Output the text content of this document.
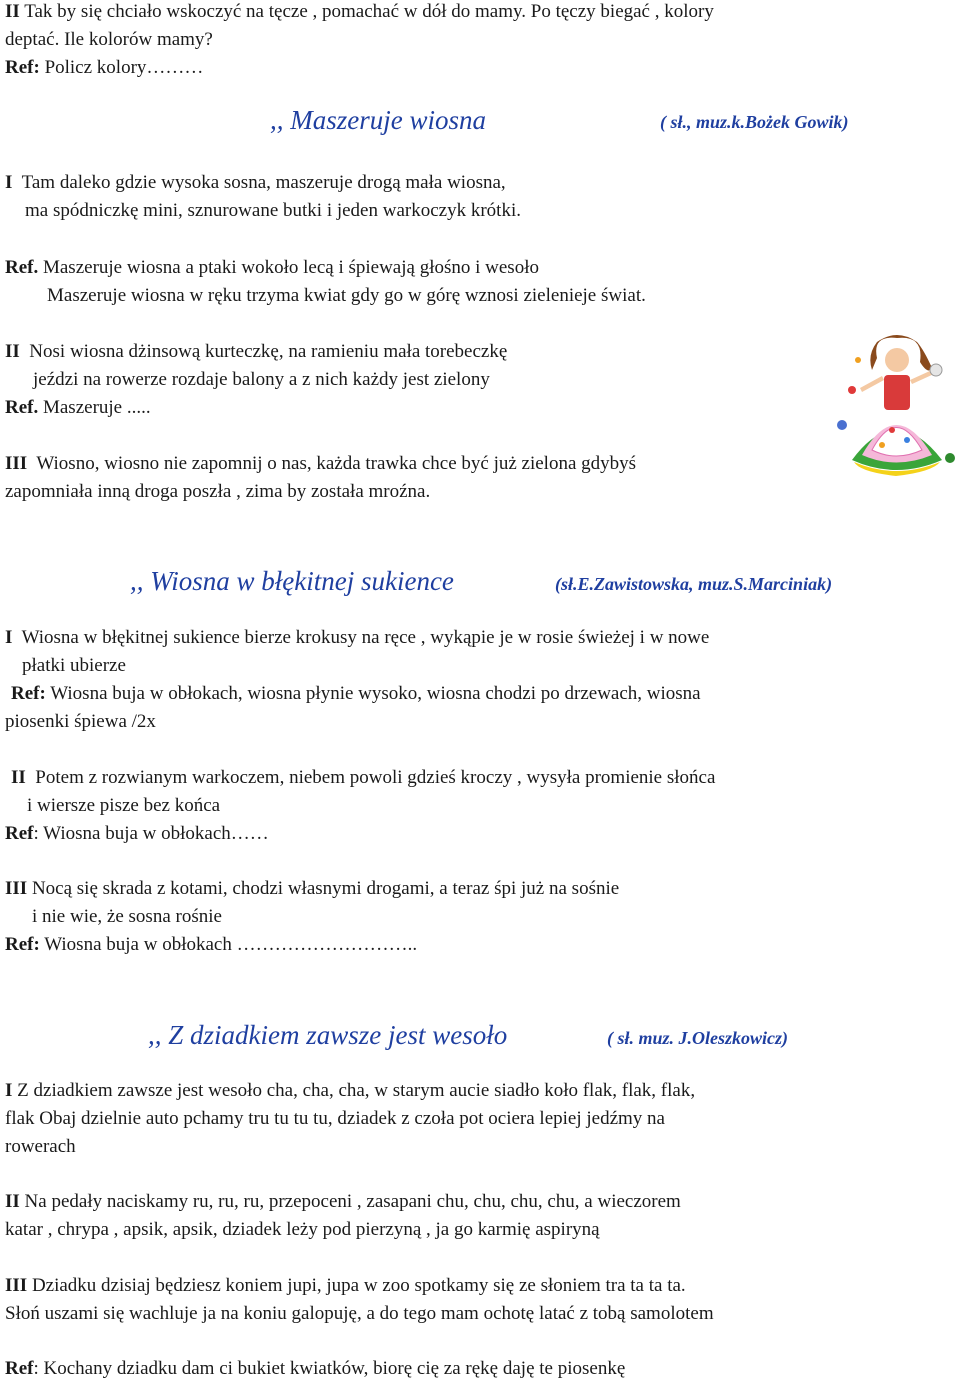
II Tak by się chciało wskoczyć na tęcze , pomachać w dół do mamy. Po tęczy biegać , kolory
deptać. Ile kolorów mamy?
Ref: Policz kolory………
,, Maszeruje wiosna	( sł., muz.k.Bożek Gowik)
I Tam daleko gdzie wysoka sosna, maszeruje drogą mała wiosna,
ma spódniczkę mini, sznurowane butki i jeden warkoczyk krótki.
Ref. Maszeruje wiosna a ptaki wokoło lecą i śpiewają głośno i wesoło
Maszeruje wiosna w ręku trzyma kwiat gdy go w górę wznosi zielenieje świat.
II Nosi wiosna dżinsową kurteczkę, na ramieniu mała torebeczkę
jeździ na rowerze rozdaje balony a z nich każdy jest zielony
Ref. Maszeruje .....
III Wiosno, wiosno nie zapomnij o nas, każda trawka chce być już zielona gdybyś
zapomniała inną droga poszła , zima by została mroźna.
,, Wiosna w błękitnej sukience	(sł.E.Zawistowska, muz.S.Marciniak)
I Wiosna w błękitnej sukience bierze krokusy na ręce , wykąpie je w rosie świeżej i w nowe
płatki ubierze
Ref: Wiosna buja w obłokach, wiosna płynie wysoko, wiosna chodzi po drzewach, wiosna
piosenki śpiewa /2x
II Potem z rozwianym warkoczem, niebem powoli gdzieś kroczy , wysyła promienie słońca
i wiersze pisze bez końca
Ref: Wiosna buja w obłokach……
III Nocą się skrada z kotami, chodzi własnymi drogami, a teraz śpi już na sośnie
i nie wie, że sosna rośnie
Ref: Wiosna buja w obłokach ………………………..
,, Z dziadkiem zawsze jest wesoło	( sł. muz. J.Oleszkowicz)
I Z dziadkiem zawsze jest wesoło cha, cha, cha, w starym aucie siadło koło flak, flak, flak,
flak Obaj dzielnie auto pchamy tru tu tu tu, dziadek z czoła pot ociera lepiej jedźmy na
rowerach
II Na pedały naciskamy ru, ru, ru, przepoceni , zasapani chu, chu, chu, chu, a wieczorem
katar , chrypa , apsik, apsik, dziadek leży pod pierzyną , ja go karmię aspiryną
III Dziadku dzisiaj będziesz koniem jupi, jupa w zoo spotkamy się ze słoniem tra ta ta ta.
Słoń uszami się wachluje ja na koniu galopuję, a do tego mam ochotę latać z tobą samolotem
Ref: Kochany dziadku dam ci bukiet kwiatków, biorę cię za rękę daję te piosenkę
